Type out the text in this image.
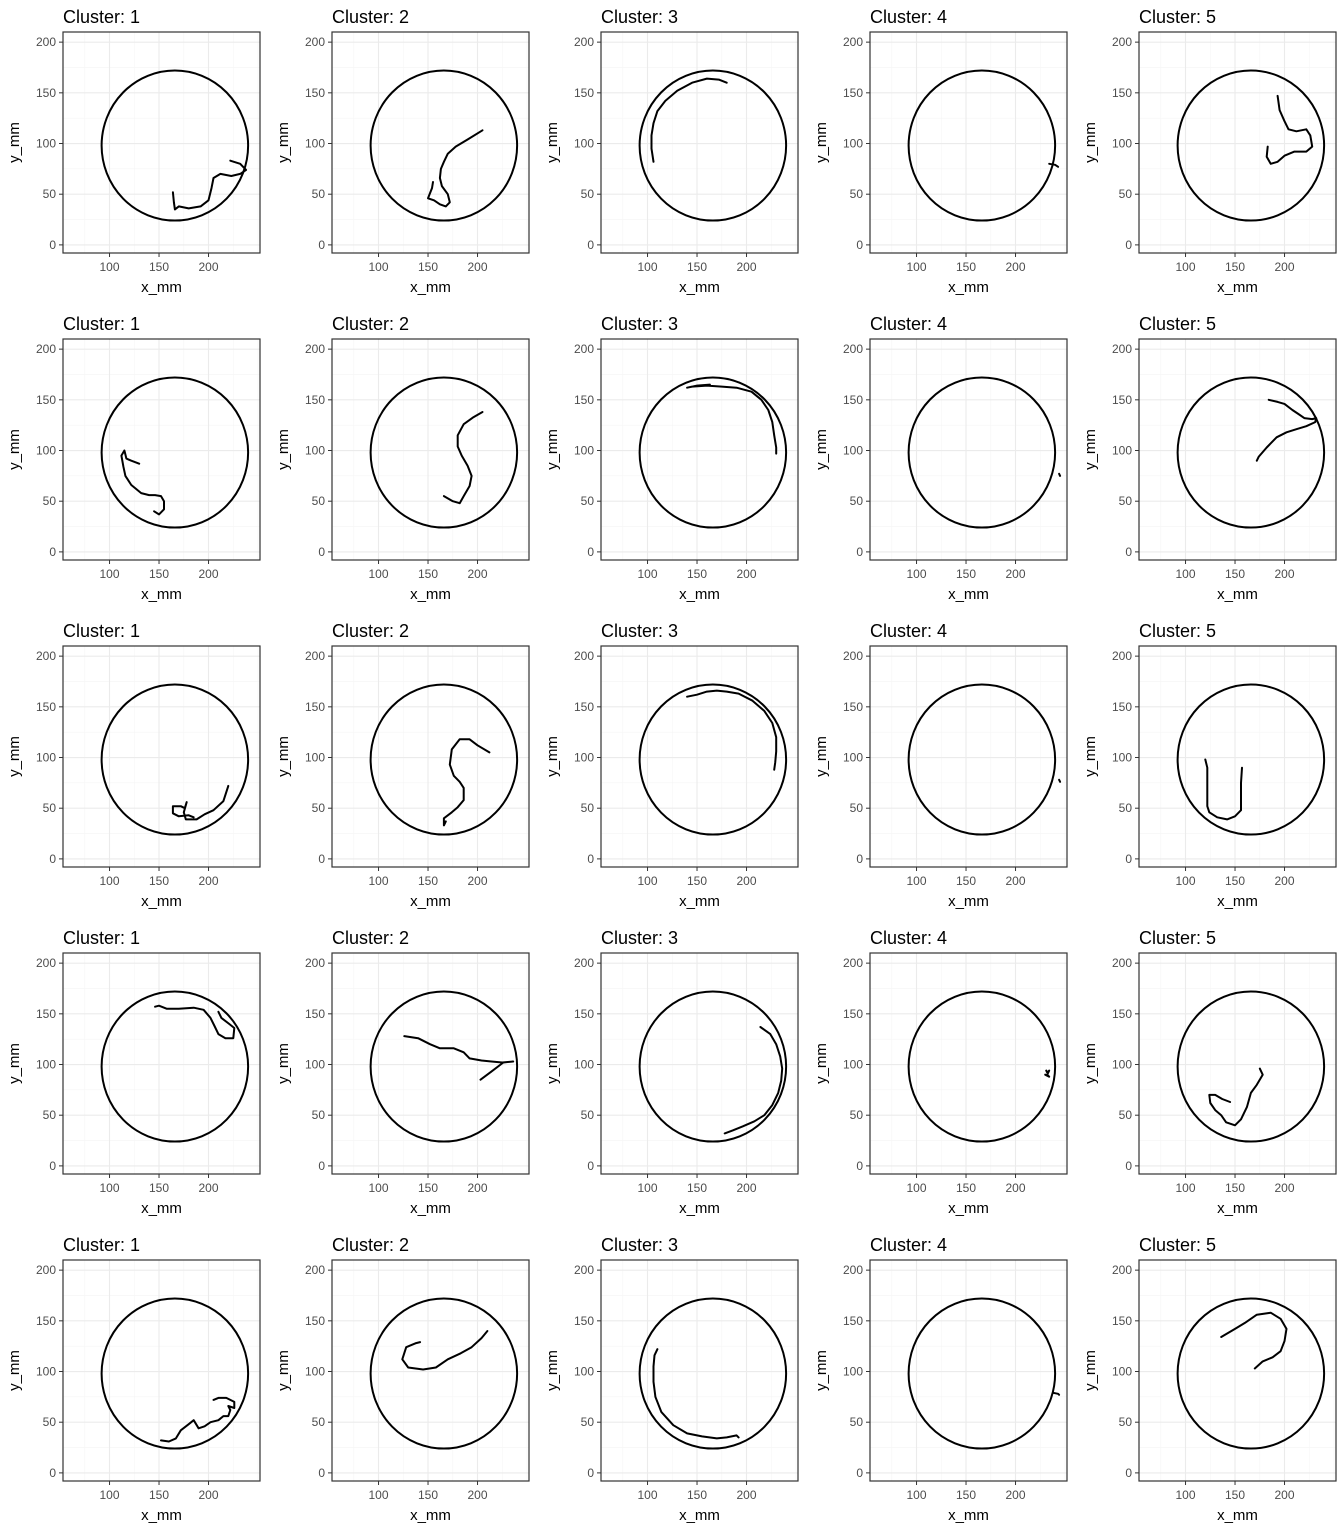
Cluster: 1
100 150 200
0
50
100
150
200
x_mm
y_mm
Cluster: 2
100 150 200
0
50
100
150
200
x_mm
y_mm
Cluster: 3
100 150 200
0
50
100
150
200
x_mm
y_mm
Cluster: 4
100 150 200
0
50
100
150
200
x_mm
y_mm
Cluster: 5
100 150 200
0
50
100
150
200
x_mm
y_mm
Cluster: 1
100 150 200
0
50
100
150
200
x_mm
y_mm
Cluster: 2
100 150 200
0
50
100
150
200
x_mm
y_mm
Cluster: 3
100 150 200
0
50
100
150
200
x_mm
y_mm
Cluster: 4
100 150 200
0
50
100
150
200
x_mm
y_mm
Cluster: 5
100 150 200
0
50
100
150
200
x_mm
y_mm
Cluster: 1
100 150 200
0
50
100
150
200
x_mm
y_mm
Cluster: 2
100 150 200
0
50
100
150
200
x_mm
y_mm
Cluster: 3
100 150 200
0
50
100
150
200
x_mm
y_mm
Cluster: 4
100 150 200
0
50
100
150
200
x_mm
y_mm
Cluster: 5
100 150 200
0
50
100
150
200
x_mm
y_mm
Cluster: 1
100 150 200
0
50
100
150
200
x_mm
y_mm
Cluster: 2
100 150 200
0
50
100
150
200
x_mm
y_mm
Cluster: 3
100 150 200
0
50
100
150
200
x_mm
y_mm
Cluster: 4
100 150 200
0
50
100
150
200
x_mm
y_mm
Cluster: 5
100 150 200
0
50
100
150
200
x_mm
y_mm
Cluster: 1
100 150 200
0
50
100
150
200
x_mm
y_mm
Cluster: 2
100 150 200
0
50
100
150
200
x_mm
y_mm
Cluster: 3
100 150 200
0
50
100
150
200
x_mm
y_mm
Cluster: 4
100 150 200
0
50
100
150
200
x_mm
y_mm
Cluster: 5
100 150 200
0
50
100
150
200
x_mm
y_mm
